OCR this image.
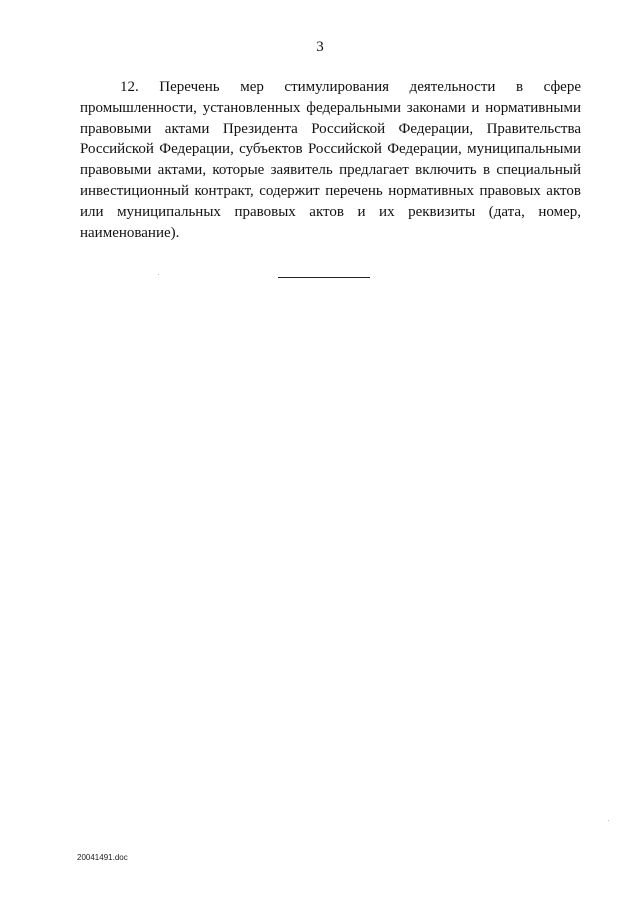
3

12. Перечень мер стимулирования деятельности в сфере промышленности, установленных федеральными законами и нормативными правовыми актами Президента Российской Федерации, Правительства Российской Федерации, субъектов Российской Федерации, муниципальными правовыми актами, которые заявитель предлагает включить в специальный инвестиционный контракт, содержит перечень нормативных правовых актов или муниципальных правовых актов и их реквизиты (дата, номер, наименование).

20041491.doc
